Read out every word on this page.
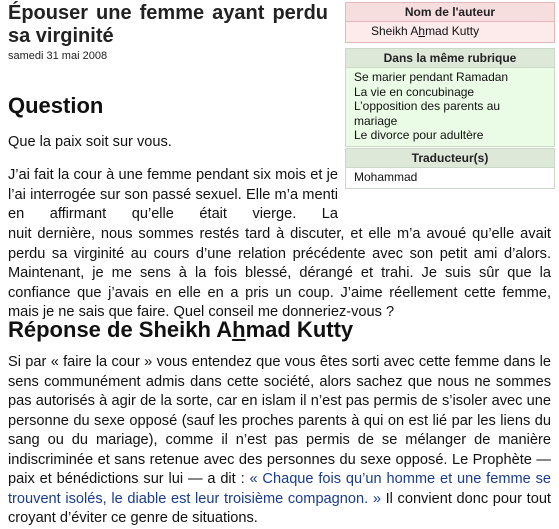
Épouser une femme ayant perdu sa virginité
samedi 31 mai 2008
Question

Que la paix soit sur vous.

J’ai fait la cour à une femme pendant six mois et je l’ai interrogée sur son passé sexuel. Elle m’a menti en affirmant qu’elle était vierge. La

nuit dernière, nous sommes restés tard à discuter, et elle m’a avoué qu’elle avait perdu sa virginité au cours d’une relation précédente avec son petit ami d’alors. Maintenant, je me sens à la fois blessé, dérangé et trahi. Je suis sûr que la confiance que j’avais en elle en a pris un coup. J’aime réellement cette femme, mais je ne sais que faire. Quel conseil me donneriez-vous ?

Réponse de Sheikh Ahmad Kutty

Si par « faire la cour » vous entendez que vous êtes sorti avec cette femme dans le sens communément admis dans cette société, alors sachez que nous ne sommes pas autorisés à agir de la sorte, car en islam il n’est pas permis de s’isoler avec une personne du sexe opposé (sauf les proches parents à qui on est lié par les liens du sang ou du mariage), comme il n’est pas permis de se mélanger de manière indiscriminée et sans retenue avec des personnes du sexe opposé. Le Prophète — paix et bénédictions sur lui — a dit : « Chaque fois qu’un homme et une femme se trouvent isolés, le diable est leur troisième compagnon. » Il convient donc pour tout croyant d’éviter ce genre de situations.

Nom de l'auteur
Sheikh Ahmad Kutty
Dans la même rubrique
Se marier pendant Ramadan
La vie en concubinage
L’opposition des parents au mariage
Le divorce pour adultère
Traducteur(s)
Mohammad
